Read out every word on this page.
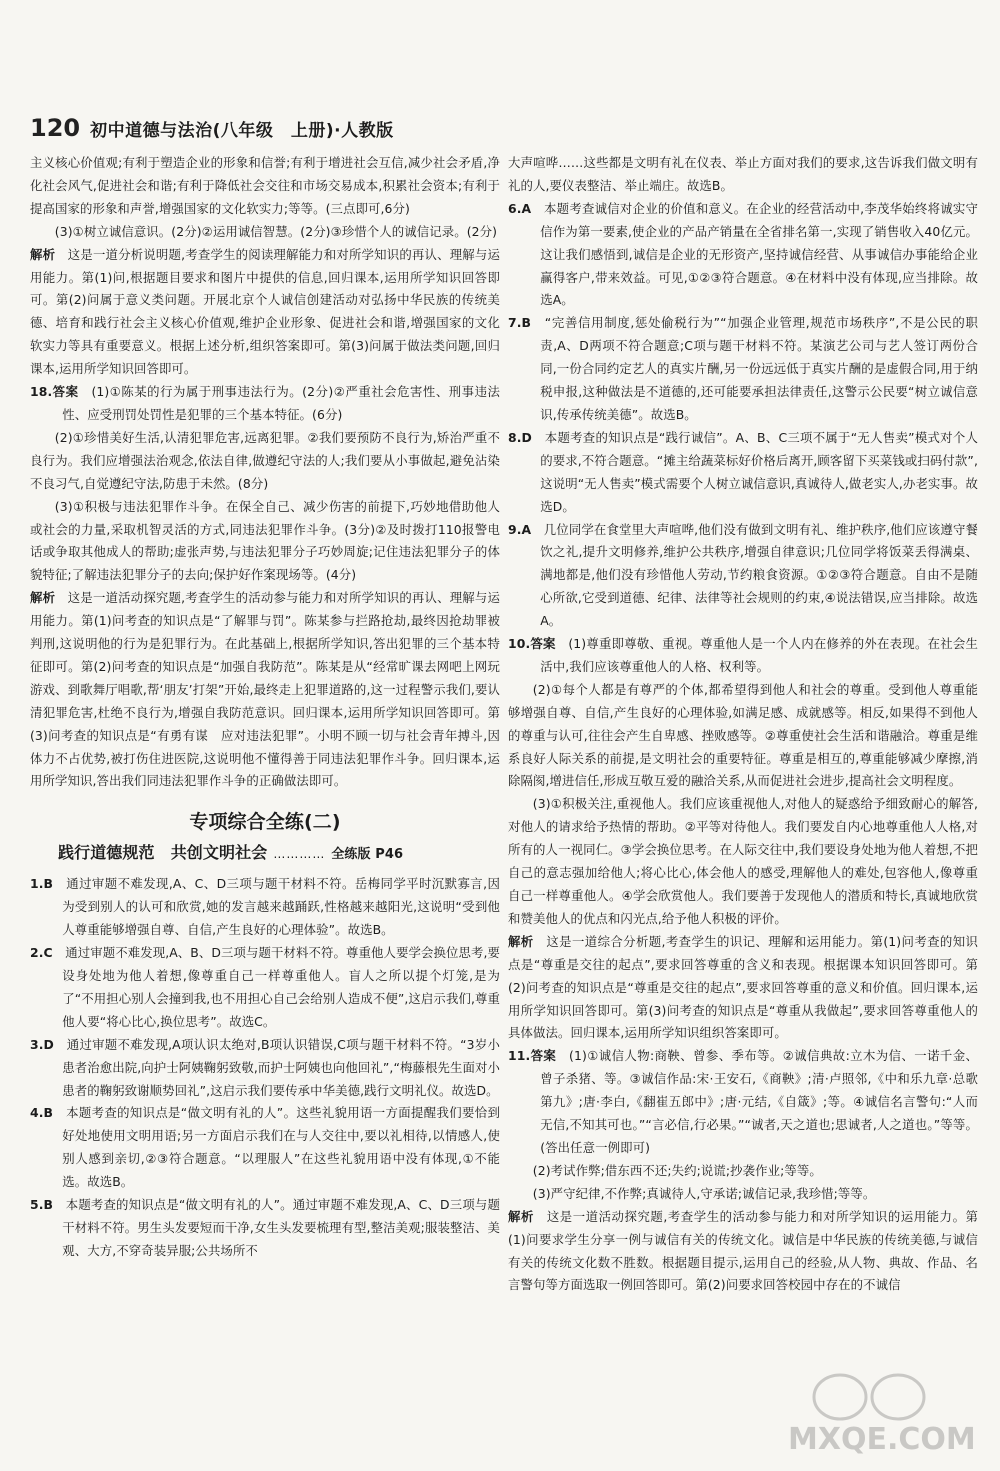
120 初中道德与法治(八年级　上册)·人教版

主义核心价值观;有利于塑造企业的形象和信誉;有利于增进社会互信,减少社会矛盾,净化社会风气,促进社会和谐;有利于降低社会交往和市场交易成本,积累社会资本;有利于提高国家的形象和声誉,增强国家的文化软实力;等等。(三点即可,6分)

(3)①树立诚信意识。(2分)②运用诚信智慧。(2分)③珍惜个人的诚信记录。(2分)

解析　 这是一道分析说明题,考查学生的阅读理解能力和对所学知识的再认、理解与运用能力。第(1)问,根据题目要求和图片中提供的信息,回归课本,运用所学知识回答即可。第(2)问属于意义类问题。开展北京个人诚信创建活动对弘扬中华民族的传统美德、培育和践行社会主义核心价值观,维护企业形象、促进社会和谐,增强国家的文化软实力等具有重要意义。根据上述分析,组织答案即可。第(3)问属于做法类问题,回归课本,运用所学知识回答即可。

18.答案　 (1)①陈某的行为属于刑事违法行为。(2分)②严重社会危害性、刑事违法性、应受刑罚处罚性是犯罪的三个基本特征。(6分)

(2)①珍惜美好生活,认清犯罪危害,远离犯罪。②我们要预防不良行为,矫治严重不良行为。我们应增强法治观念,依法自律,做遵纪守法的人;我们要从小事做起,避免沾染不良习气,自觉遵纪守法,防患于未然。(8分)

(3)①积极与违法犯罪作斗争。在保全自己、减少伤害的前提下,巧妙地借助他人或社会的力量,采取机智灵活的方式,同违法犯罪作斗争。(3分)②及时拨打110报警电话或争取其他成人的帮助;虚张声势,与违法犯罪分子巧妙周旋;记住违法犯罪分子的体貌特征;了解违法犯罪分子的去向;保护好作案现场等。(4分)

解析　 这是一道活动探究题,考查学生的活动参与能力和对所学知识的再认、理解与运用能力。第(1)问考查的知识点是“了解罪与罚”。陈某参与拦路抢劫,最终因抢劫罪被判刑,这说明他的行为是犯罪行为。在此基础上,根据所学知识,答出犯罪的三个基本特征即可。第(2)问考查的知识点是“加强自我防范”。陈某是从“经常旷课去网吧上网玩游戏、到歌舞厅唱歌,帮‘朋友’打架”开始,最终走上犯罪道路的,这一过程警示我们,要认清犯罪危害,杜绝不良行为,增强自我防范意识。回归课本,运用所学知识回答即可。第(3)问考查的知识点是“有勇有谋　应对违法犯罪”。小明不顾一切与社会青年搏斗,因体力不占优势,被打伤住进医院,这说明他不懂得善于同违法犯罪作斗争。回归课本,运用所学知识,答出我们同违法犯罪作斗争的正确做法即可。

专项综合全练(二)
践行道德规范　共创文明社会 ………… 全练版 P46

1.B　 通过审题不难发现,A、C、D三项与题干材料不符。岳梅同学平时沉默寡言,因为受到别人的认可和欣赏,她的发言越来越踊跃,性格越来越阳光,这说明“受到他人尊重能够增强自尊、自信,产生良好的心理体验”。故选B。

2.C　 通过审题不难发现,A、B、D三项与题干材料不符。尊重他人要学会换位思考,要设身处地为他人着想,像尊重自己一样尊重他人。盲人之所以提个灯笼,是为了“不用担心别人会撞到我,也不用担心自己会给别人造成不便”,这启示我们,尊重他人要“将心比心,换位思考”。故选C。

3.D　 通过审题不难发现,A项认识太绝对,B项认识错误,C项与题干材料不符。“3岁小患者治愈出院,向护士阿姨鞠躬致敬,而护士阿姨也向他回礼”,“梅藤根先生面对小患者的鞠躬致谢顺势回礼”,这启示我们要传承中华美德,践行文明礼仪。故选D。

4.B　 本题考查的知识点是“做文明有礼的人”。这些礼貌用语一方面提醒我们要恰到好处地使用文明用语;另一方面启示我们在与人交往中,要以礼相待,以情感人,使别人感到亲切,②③符合题意。“以理服人”在这些礼貌用语中没有体现,①不能选。故选B。

5.B　 本题考查的知识点是“做文明有礼的人”。通过审题不难发现,A、C、D三项与题干材料不符。男生头发要短而干净,女生头发要梳理有型,整洁美观;服装整洁、美观、大方,不穿奇装异服;公共场所不

大声喧哗……这些都是文明有礼在仪表、举止方面对我们的要求,这告诉我们做文明有礼的人,要仪表整洁、举止端庄。故选B。

6.A　 本题考查诚信对企业的价值和意义。在企业的经营活动中,李茂华始终将诚实守信作为第一要素,使企业的产品产销量在全省排名第一,实现了销售收入40亿元。这让我们感悟到,诚信是企业的无形资产,坚持诚信经营、从事诚信办事能给企业赢得客户,带来效益。可见,①②③符合题意。④在材料中没有体现,应当排除。故选A。

7.B　 “完善信用制度,惩处偷税行为”“加强企业管理,规范市场秩序”,不是公民的职责,A、D两项不符合题意;C项与题干材料不符。某演艺公司与艺人签订两份合同,一份合同约定艺人的真实片酬,另一份远远低于真实片酬的是虚假合同,用于纳税申报,这种做法是不道德的,还可能要承担法律责任,这警示公民要“树立诚信意识,传承传统美德”。故选B。

8.D　 本题考查的知识点是“践行诚信”。A、B、C三项不属于“无人售卖”模式对个人的要求,不符合题意。“摊主给蔬菜标好价格后离开,顾客留下买菜钱或扫码付款”,这说明“无人售卖”模式需要个人树立诚信意识,真诚待人,做老实人,办老实事。故选D。

9.A　 几位同学在食堂里大声喧哗,他们没有做到文明有礼、维护秩序,他们应该遵守餐饮之礼,提升文明修养,维护公共秩序,增强自律意识;几位同学将饭菜丢得满桌、满地都是,他们没有珍惜他人劳动,节约粮食资源。①②③符合题意。自由不是随心所欲,它受到道德、纪律、法律等社会规则的约束,④说法错误,应当排除。故选A。

10.答案　 (1)尊重即尊敬、重视。尊重他人是一个人内在修养的外在表现。在社会生活中,我们应该尊重他人的人格、权利等。

(2)①每个人都是有尊严的个体,都希望得到他人和社会的尊重。受到他人尊重能够增强自尊、自信,产生良好的心理体验,如满足感、成就感等。相反,如果得不到他人的尊重与认可,往往会产生自卑感、挫败感等。②尊重使社会生活和谐融洽。尊重是维系良好人际关系的前提,是文明社会的重要特征。尊重是相互的,尊重能够减少摩擦,消除隔阂,增进信任,形成互敬互爱的融洽关系,从而促进社会进步,提高社会文明程度。

(3)①积极关注,重视他人。我们应该重视他人,对他人的疑惑给予细致耐心的解答,对他人的请求给予热情的帮助。②平等对待他人。我们要发自内心地尊重他人人格,对所有的人一视同仁。③学会换位思考。在人际交往中,我们要设身处地为他人着想,不把自己的意志强加给他人;将心比心,体会他人的感受,理解他人的难处,包容他人,像尊重自己一样尊重他人。④学会欣赏他人。我们要善于发现他人的潜质和特长,真诚地欣赏和赞美他人的优点和闪光点,给予他人积极的评价。

解析　 这是一道综合分析题,考查学生的识记、理解和运用能力。第(1)问考查的知识点是“尊重是交往的起点”,要求回答尊重的含义和表现。根据课本知识回答即可。第(2)问考查的知识点是“尊重是交往的起点”,要求回答尊重的意义和价值。回归课本,运用所学知识回答即可。第(3)问考查的知识点是“尊重从我做起”,要求回答尊重他人的具体做法。回归课本,运用所学知识组织答案即可。

11.答案　 (1)①诚信人物:商鞅、曾参、季布等。②诚信典故:立木为信、一诺千金、曾子杀猪、等。③诚信作品:宋·王安石,《商鞅》;清·卢照邻,《中和乐九章·总歌第九》;唐·李白,《翻崔五郎中》;唐·元结,《自箴》;等。④诚信名言警句:“人而无信,不知其可也。”“言必信,行必果。”“诚者,天之道也;思诚者,人之道也。”等等。(答出任意一例即可)

(2)考试作弊;借东西不还;失约;说谎;抄袭作业;等等。

(3)严守纪律,不作弊;真诚待人,守承诺;诚信记录,我珍惜;等等。

解析　 这是一道活动探究题,考查学生的活动参与能力和对所学知识的运用能力。第(1)问要求学生分享一例与诚信有关的传统文化。诚信是中华民族的传统美德,与诚信有关的传统文化数不胜数。根据题目提示,运用自己的经验,从人物、典故、作品、名言警句等方面选取一例回答即可。第(2)问要求回答校园中存在的不诚信

MXQE.COM
